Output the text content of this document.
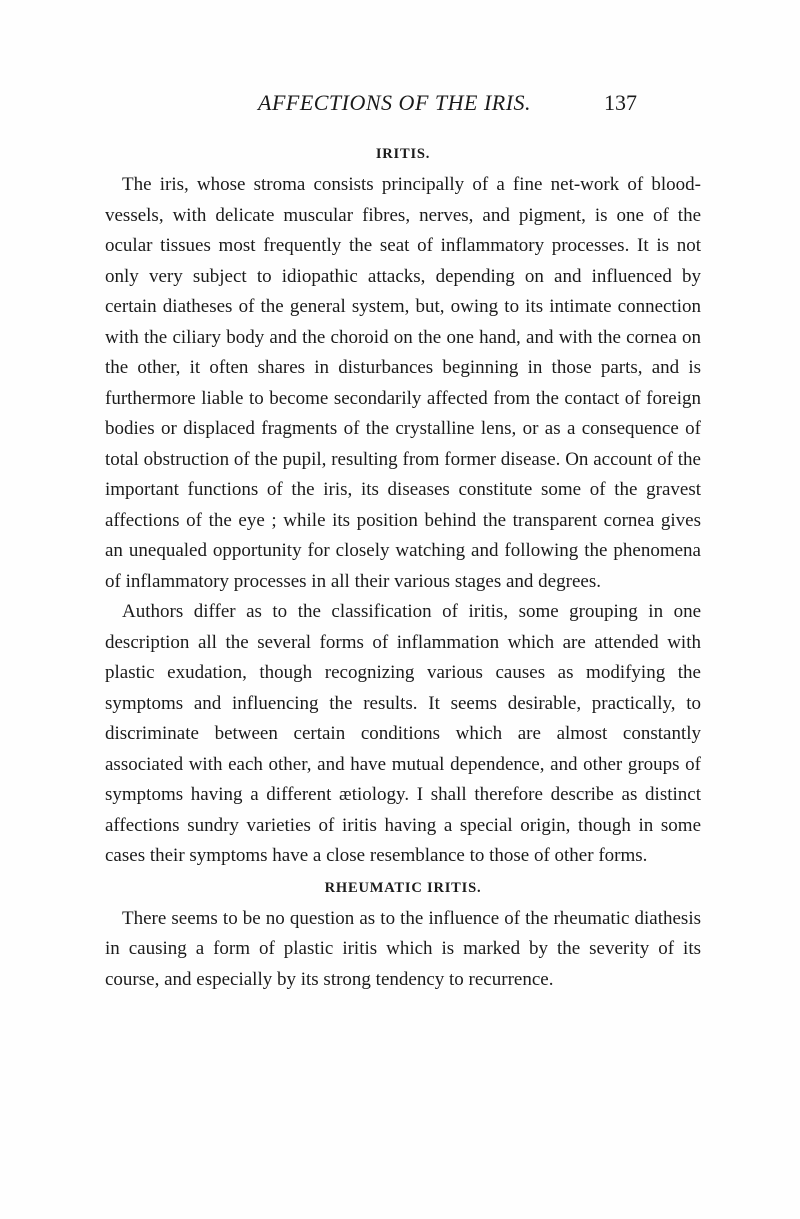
AFFECTIONS OF THE IRIS.	137
IRITIS.

The iris, whose stroma consists principally of a fine net-work of blood-vessels, with delicate muscular fibres, nerves, and pigment, is one of the ocular tissues most frequently the seat of inflammatory processes. It is not only very subject to idiopathic attacks, depending on and influenced by certain diatheses of the general system, but, owing to its intimate connection with the ciliary body and the choroid on the one hand, and with the cornea on the other, it often shares in disturbances beginning in those parts, and is furthermore liable to become secondarily affected from the contact of foreign bodies or displaced fragments of the crystalline lens, or as a consequence of total obstruction of the pupil, resulting from former disease. On account of the important functions of the iris, its diseases constitute some of the gravest affections of the eye ; while its position behind the transparent cornea gives an unequaled opportunity for closely watching and following the phenomena of inflammatory processes in all their various stages and degrees.

Authors differ as to the classification of iritis, some grouping in one description all the several forms of inflammation which are attended with plastic exudation, though recognizing various causes as modifying the symptoms and influencing the results. It seems desirable, practically, to discriminate between certain conditions which are almost constantly associated with each other, and have mutual dependence, and other groups of symptoms having a different ætiology. I shall therefore describe as distinct affections sundry varieties of iritis having a special origin, though in some cases their symptoms have a close resemblance to those of other forms.

RHEUMATIC IRITIS.

There seems to be no question as to the influence of the rheumatic diathesis in causing a form of plastic iritis which is marked by the severity of its course, and especially by its strong tendency to recurrence.
